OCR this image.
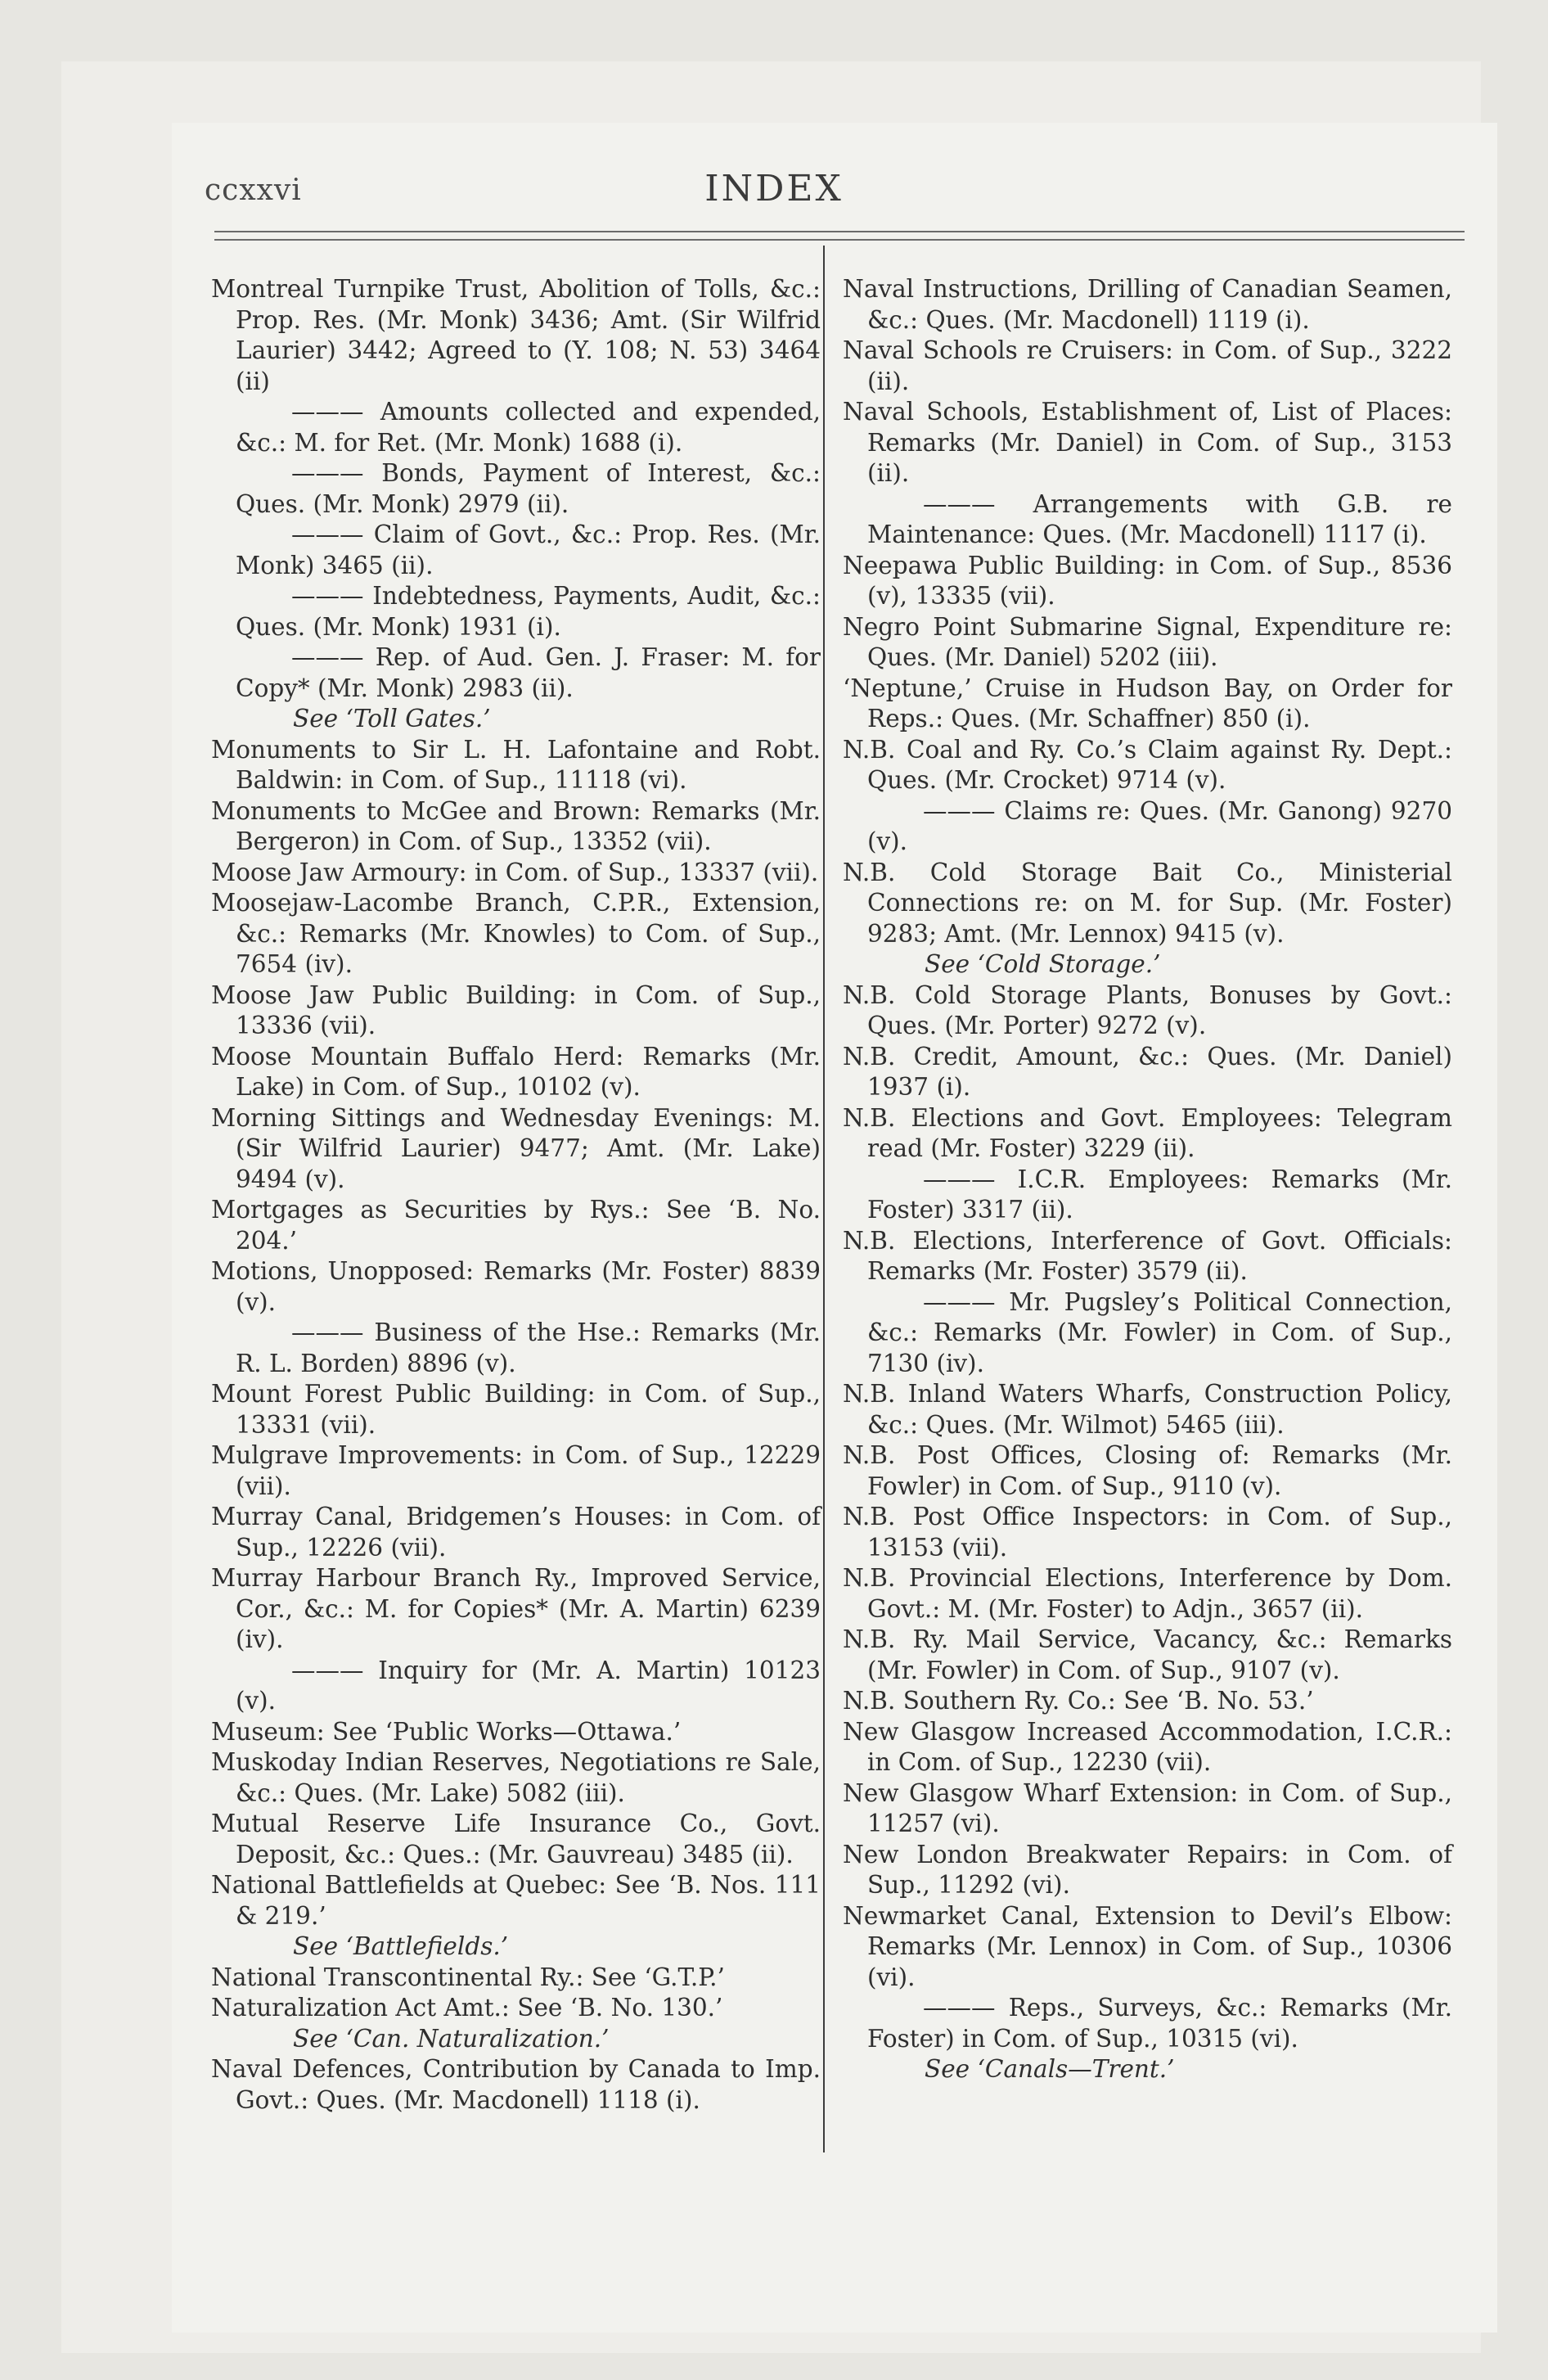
ccxxvi	INDEX

Montreal Turnpike Trust, Abolition of Tolls, &c.: Prop. Res. (Mr. Monk) 3436; Amt. (Sir Wilfrid Laurier) 3442; Agreed to (Y. 108; N. 53) 3464 (ii)

——— Amounts collected and expended, &c.: M. for Ret. (Mr. Monk) 1688 (i).

——— Bonds, Payment of Interest, &c.: Ques. (Mr. Monk) 2979 (ii).

——— Claim of Govt., &c.: Prop. Res. (Mr. Monk) 3465 (ii).

——— Indebtedness, Payments, Audit, &c.: Ques. (Mr. Monk) 1931 (i).

——— Rep. of Aud. Gen. J. Fraser: M. for Copy* (Mr. Monk) 2983 (ii).

See ‘Toll Gates.’

Monuments to Sir L. H. Lafontaine and Robt. Baldwin: in Com. of Sup., 11118 (vi).

Monuments to McGee and Brown: Remarks (Mr. Bergeron) in Com. of Sup., 13352 (vii).

Moose Jaw Armoury: in Com. of Sup., 13337 (vii).

Moosejaw-Lacombe Branch, C.P.R., Extension, &c.: Remarks (Mr. Knowles) to Com. of Sup., 7654 (iv).

Moose Jaw Public Building: in Com. of Sup., 13336 (vii).

Moose Mountain Buffalo Herd: Remarks (Mr. Lake) in Com. of Sup., 10102 (v).

Morning Sittings and Wednesday Evenings: M. (Sir Wilfrid Laurier) 9477; Amt. (Mr. Lake) 9494 (v).

Mortgages as Securities by Rys.: See ‘B. No. 204.’

Motions, Unopposed: Remarks (Mr. Foster) 8839 (v).

——— Business of the Hse.: Remarks (Mr. R. L. Borden) 8896 (v).

Mount Forest Public Building: in Com. of Sup., 13331 (vii).

Mulgrave Improvements: in Com. of Sup., 12229 (vii).

Murray Canal, Bridgemen’s Houses: in Com. of Sup., 12226 (vii).

Murray Harbour Branch Ry., Improved Service, Cor., &c.: M. for Copies* (Mr. A. Martin) 6239 (iv).

——— Inquiry for (Mr. A. Martin) 10123 (v).

Museum: See ‘Public Works—Ottawa.’

Muskoday Indian Reserves, Negotiations re Sale, &c.: Ques. (Mr. Lake) 5082 (iii).

Mutual Reserve Life Insurance Co., Govt. Deposit, &c.: Ques.: (Mr. Gauvreau) 3485 (ii).

National Battlefields at Quebec: See ‘B. Nos. 111 & 219.’

See ‘Battlefields.’

National Transcontinental Ry.: See ‘G.T.P.’

Naturalization Act Amt.: See ‘B. No. 130.’

See ‘Can. Naturalization.’

Naval Defences, Contribution by Canada to Imp. Govt.: Ques. (Mr. Macdonell) 1118 (i).

Naval Instructions, Drilling of Canadian Seamen, &c.: Ques. (Mr. Macdonell) 1119 (i).

Naval Schools re Cruisers: in Com. of Sup., 3222 (ii).

Naval Schools, Establishment of, List of Places: Remarks (Mr. Daniel) in Com. of Sup., 3153 (ii).

——— Arrangements with G.B. re Maintenance: Ques. (Mr. Macdonell) 1117 (i).

Neepawa Public Building: in Com. of Sup., 8536 (v), 13335 (vii).

Negro Point Submarine Signal, Expenditure re: Ques. (Mr. Daniel) 5202 (iii).

‘Neptune,’ Cruise in Hudson Bay, on Order for Reps.: Ques. (Mr. Schaffner) 850 (i).

N.B. Coal and Ry. Co.’s Claim against Ry. Dept.: Ques. (Mr. Crocket) 9714 (v).

——— Claims re: Ques. (Mr. Ganong) 9270 (v).

N.B. Cold Storage Bait Co., Ministerial Connections re: on M. for Sup. (Mr. Foster) 9283; Amt. (Mr. Lennox) 9415 (v).

See ‘Cold Storage.’

N.B. Cold Storage Plants, Bonuses by Govt.: Ques. (Mr. Porter) 9272 (v).

N.B. Credit, Amount, &c.: Ques. (Mr. Daniel) 1937 (i).

N.B. Elections and Govt. Employees: Telegram read (Mr. Foster) 3229 (ii).

——— I.C.R. Employees: Remarks (Mr. Foster) 3317 (ii).

N.B. Elections, Interference of Govt. Officials: Remarks (Mr. Foster) 3579 (ii).

——— Mr. Pugsley’s Political Connection, &c.: Remarks (Mr. Fowler) in Com. of Sup., 7130 (iv).

N.B. Inland Waters Wharfs, Construction Policy, &c.: Ques. (Mr. Wilmot) 5465 (iii).

N.B. Post Offices, Closing of: Remarks (Mr. Fowler) in Com. of Sup., 9110 (v).

N.B. Post Office Inspectors: in Com. of Sup., 13153 (vii).

N.B. Provincial Elections, Interference by Dom. Govt.: M. (Mr. Foster) to Adjn., 3657 (ii).

N.B. Ry. Mail Service, Vacancy, &c.: Remarks (Mr. Fowler) in Com. of Sup., 9107 (v).

N.B. Southern Ry. Co.: See ‘B. No. 53.’

New Glasgow Increased Accommodation, I.C.R.: in Com. of Sup., 12230 (vii).

New Glasgow Wharf Extension: in Com. of Sup., 11257 (vi).

New London Breakwater Repairs: in Com. of Sup., 11292 (vi).

Newmarket Canal, Extension to Devil’s Elbow: Remarks (Mr. Lennox) in Com. of Sup., 10306 (vi).

——— Reps., Surveys, &c.: Remarks (Mr. Foster) in Com. of Sup., 10315 (vi).

See ‘Canals—Trent.’
